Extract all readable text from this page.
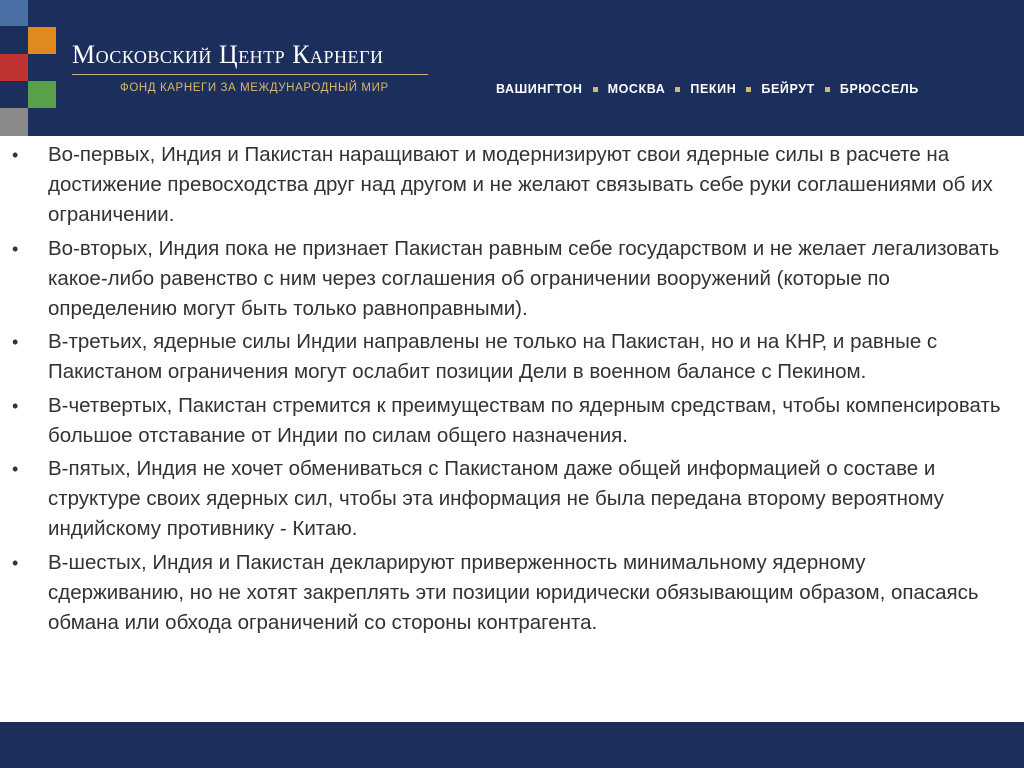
Московский Центр Карнеги
ФОНД КАРНЕГИ ЗА МЕЖДУНАРОДНЫЙ МИР	ВАШИНГТОН МОСКВА ПЕКИН БЕЙРУТ БРЮССЕЛЬ
• Во-первых, Индия и Пакистан наращивают и модернизируют свои ядерные силы в расчете на достижение превосходства друг над другом и не желают связывать себе руки соглашениями об их ограничении.
• Во-вторых, Индия пока не признает Пакистан равным себе государством и не желает легализовать какое-либо равенство с ним через соглашения об ограничении вооружений (которые по определению могут быть только равноправными).
• В-третьих, ядерные силы Индии направлены не только на Пакистан, но и на КНР, и равные с Пакистаном ограничения могут ослабит позиции Дели в военном балансе с Пекином.
• В-четвертых, Пакистан стремится к преимуществам по ядерным средствам, чтобы компенсировать большое отставание от Индии по силам общего назначения.
• В-пятых, Индия не хочет обмениваться с Пакистаном даже общей информацией о составе и структуре своих ядерных сил, чтобы эта информация не была передана второму вероятному индийскому противнику - Китаю.
• В-шестых, Индия и Пакистан декларируют приверженность минимальному ядерному сдерживанию, но не хотят закреплять эти позиции юридически обязывающим образом, опасаясь обмана или обхода ограничений со стороны контрагента.
